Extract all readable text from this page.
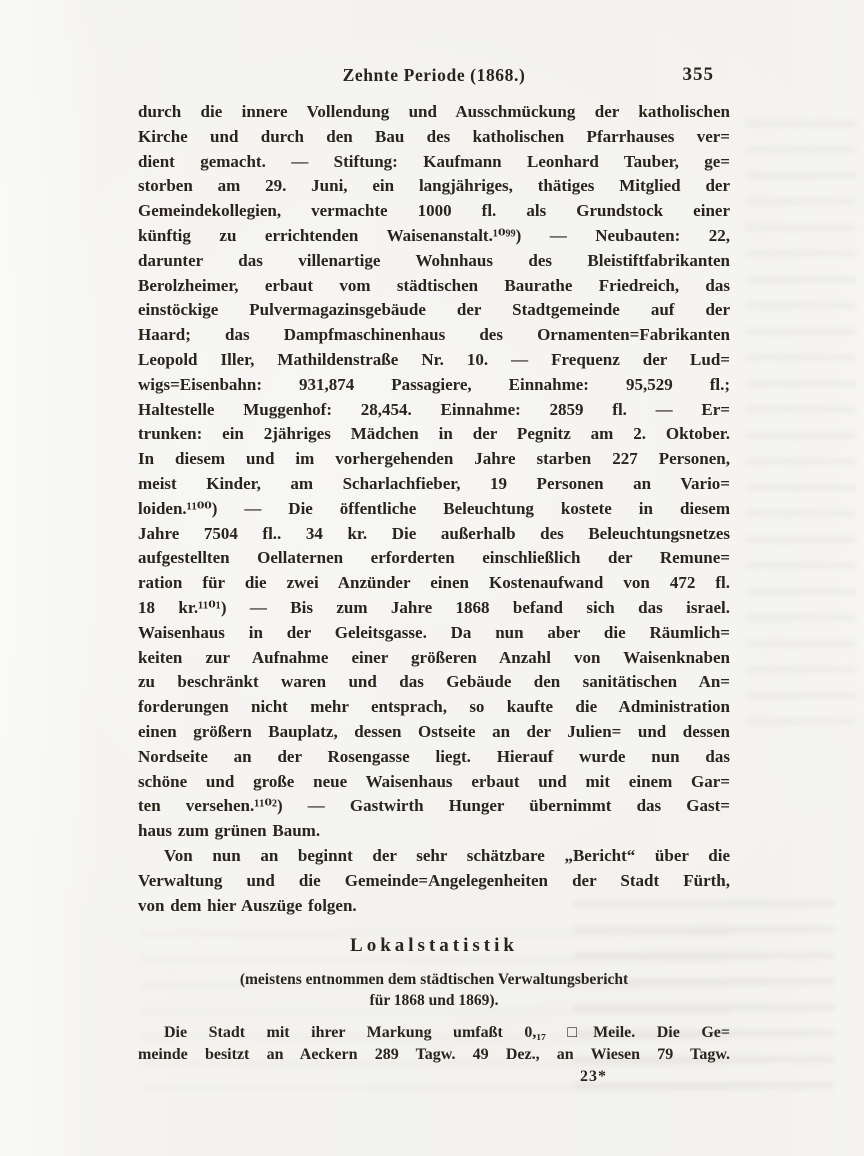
Zehnte Periode (1868.)	355
durch die innere Vollendung und Ausschmückung der katholischen
Kirche und durch den Bau des katholischen Pfarrhauses ver=
dient gemacht. — Stiftung: Kaufmann Leonhard Tauber, ge=
storben am 29. Juni, ein langjähriges, thätiges Mitglied der
Gemeindekollegien, vermachte 1000 fl. als Grundstock einer
künftig zu errichtenden Waisenanstalt.¹⁰⁹⁹) — Neubauten: 22,
darunter das villenartige Wohnhaus des Bleistiftfabrikanten
Berolzheimer, erbaut vom städtischen Baurathe Friedreich, das
einstöckige Pulvermagazinsgebäude der Stadtgemeinde auf der
Haard; das Dampfmaschinenhaus des Ornamenten=Fabrikanten
Leopold Iller, Mathildenstraße Nr. 10. — Frequenz der Lud=
wigs=Eisenbahn: 931,874 Passagiere, Einnahme: 95,529 fl.;
Haltestelle Muggenhof: 28,454. Einnahme: 2859 fl. — Er=
trunken: ein 2jähriges Mädchen in der Pegnitz am 2. Oktober.
In diesem und im vorhergehenden Jahre starben 227 Personen,
meist Kinder, am Scharlachfieber, 19 Personen an Vario=
loiden.¹¹⁰⁰) — Die öffentliche Beleuchtung kostete in diesem
Jahre 7504 fl.. 34 kr. Die außerhalb des Beleuchtungsnetzes
aufgestellten Oellaternen erforderten einschließlich der Remune=
ration für die zwei Anzünder einen Kostenaufwand von 472 fl.
18 kr.¹¹⁰¹) — Bis zum Jahre 1868 befand sich das israel.
Waisenhaus in der Geleitsgasse. Da nun aber die Räumlich=
keiten zur Aufnahme einer größeren Anzahl von Waisenknaben
zu beschränkt waren und das Gebäude den sanitätischen An=
forderungen nicht mehr entsprach, so kaufte die Administration
einen größern Bauplatz, dessen Ostseite an der Julien= und dessen
Nordseite an der Rosengasse liegt. Hierauf wurde nun das
schöne und große neue Waisenhaus erbaut und mit einem Gar=
ten versehen.¹¹⁰²) — Gastwirth Hunger übernimmt das Gast=
haus zum grünen Baum.
Von nun an beginnt der sehr schätzbare „Bericht“ über die
Verwaltung und die Gemeinde=Angelegenheiten der Stadt Fürth,
von dem hier Auszüge folgen.
Lokalstatistik
(meistens entnommen dem städtischen Verwaltungsbericht
für 1868 und 1869).
Die Stadt mit ihrer Markung umfaßt 0,₁₇ □Meile. Die Ge=
meinde besitzt an Aeckern 289 Tagw. 49 Dez., an Wiesen 79 Tagw.
23*
